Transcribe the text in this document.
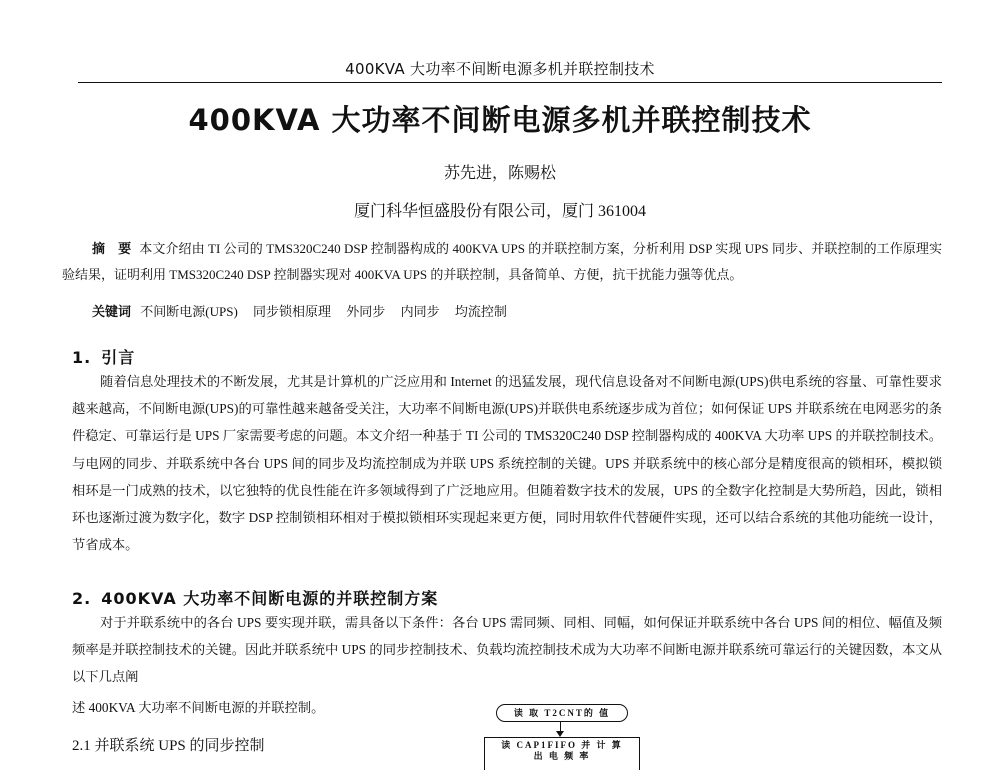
400KVA 大功率不间断电源多机并联控制技术
400KVA 大功率不间断电源多机并联控制技术
苏先进，陈赐松
厦门科华恒盛股份有限公司，厦门 361004
摘　要 本文介绍由 TI 公司的 TMS320C240 DSP 控制器构成的 400KVA UPS 的并联控制方案，分析利用 DSP 实现 UPS 同步、并联控制的工作原理实验结果，证明利用 TMS320C240 DSP 控制器实现对 400KVA UPS 的并联控制，具备简单、方便，抗干扰能力强等优点。
关键词 不间断电源(UPS) 同步锁相原理 外同步 内同步 均流控制
1. 引言
随着信息处理技术的不断发展，尤其是计算机的广泛应用和 Internet 的迅猛发展，现代信息设备对不间断电源(UPS)供电系统的容量、可靠性要求越来越高，不间断电源(UPS)的可靠性越来越备受关注，大功率不间断电源(UPS)并联供电系统逐步成为首位；如何保证 UPS 并联系统在电网恶劣的条件稳定、可靠运行是 UPS 厂家需要考虑的问题。本文介绍一种基于 TI 公司的 TMS320C240 DSP 控制器构成的 400KVA 大功率 UPS 的并联控制技术。与电网的同步、并联系统中各台 UPS 间的同步及均流控制成为并联 UPS 系统控制的关键。UPS 并联系统中的核心部分是精度很高的锁相环，模拟锁相环是一门成熟的技术，以它独特的优良性能在许多领域得到了广泛地应用。但随着数字技术的发展，UPS 的全数字化控制是大势所趋，因此，锁相环也逐渐过渡为数字化，数字 DSP 控制锁相环相对于模拟锁相环实现起来更方便，同时用软件代替硬件实现，还可以结合系统的其他功能统一设计，节省成本。
2. 400KVA 大功率不间断电源的并联控制方案
对于并联系统中的各台 UPS 要实现并联，需具备以下条件：各台 UPS 需同频、同相、同幅，如何保证并联系统中各台 UPS 间的相位、幅值及频频率是并联控制技术的关键。因此并联系统中 UPS 的同步控制技术、负载均流控制技术成为大功率不间断电源并联系统可靠运行的关键因数，本文从以下几点阐
述 400KVA 大功率不间断电源的并联控制。
2.1 并联系统 UPS 的同步控制
读 取 T2CNT的 值
读 CAP1FIFO 并 计 算
出 电 频 率
